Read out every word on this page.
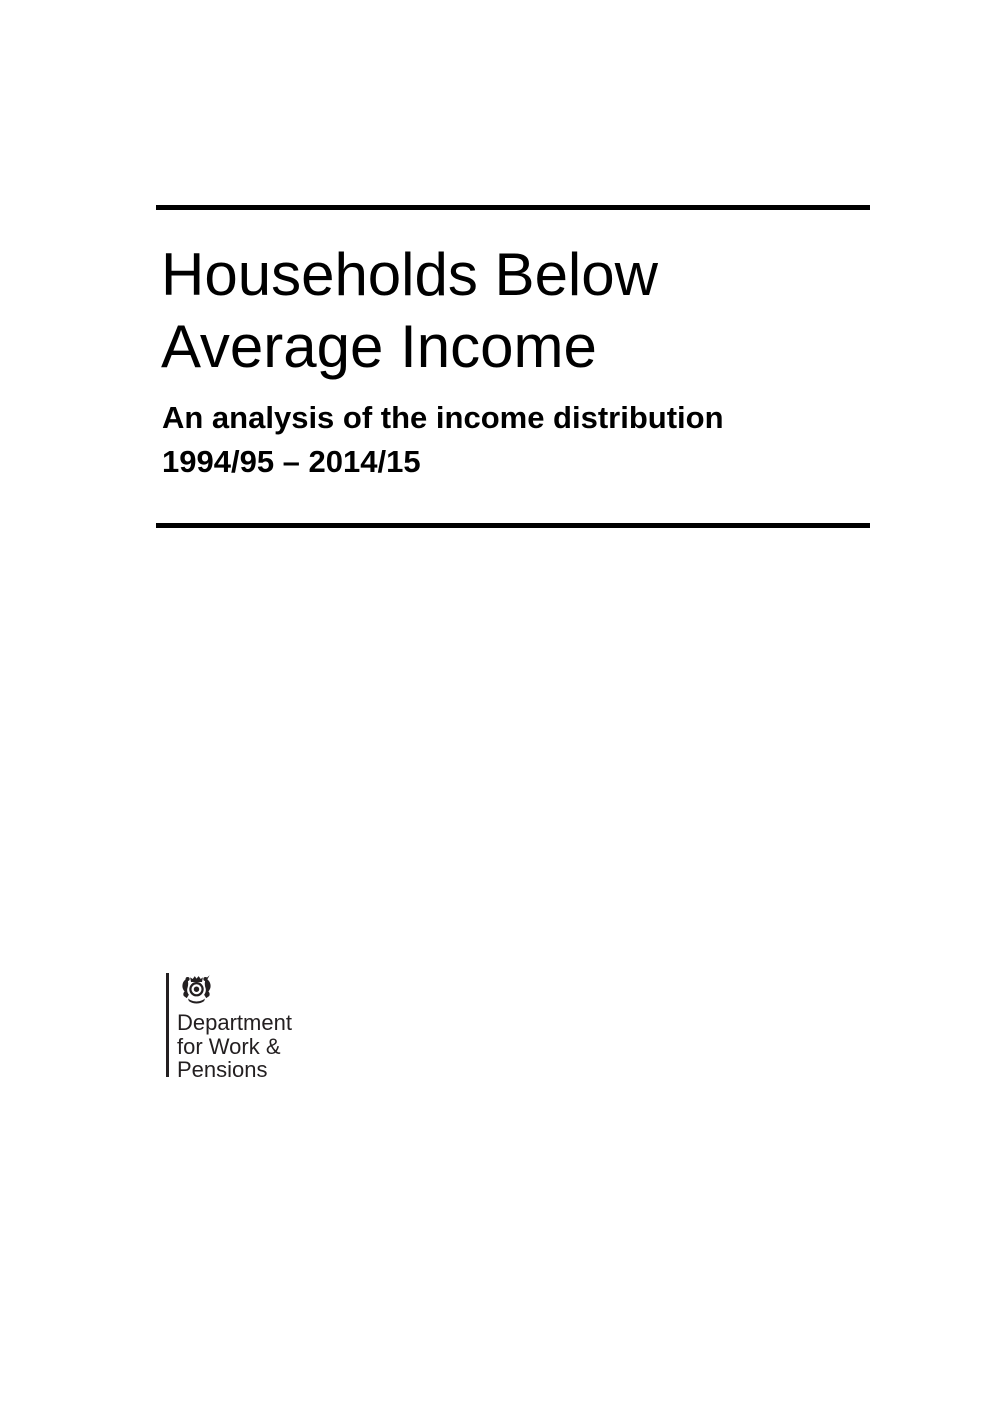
Households Below
Average Income
An analysis of the income distribution
1994/95 – 2014/15
Department
for Work &
Pensions
